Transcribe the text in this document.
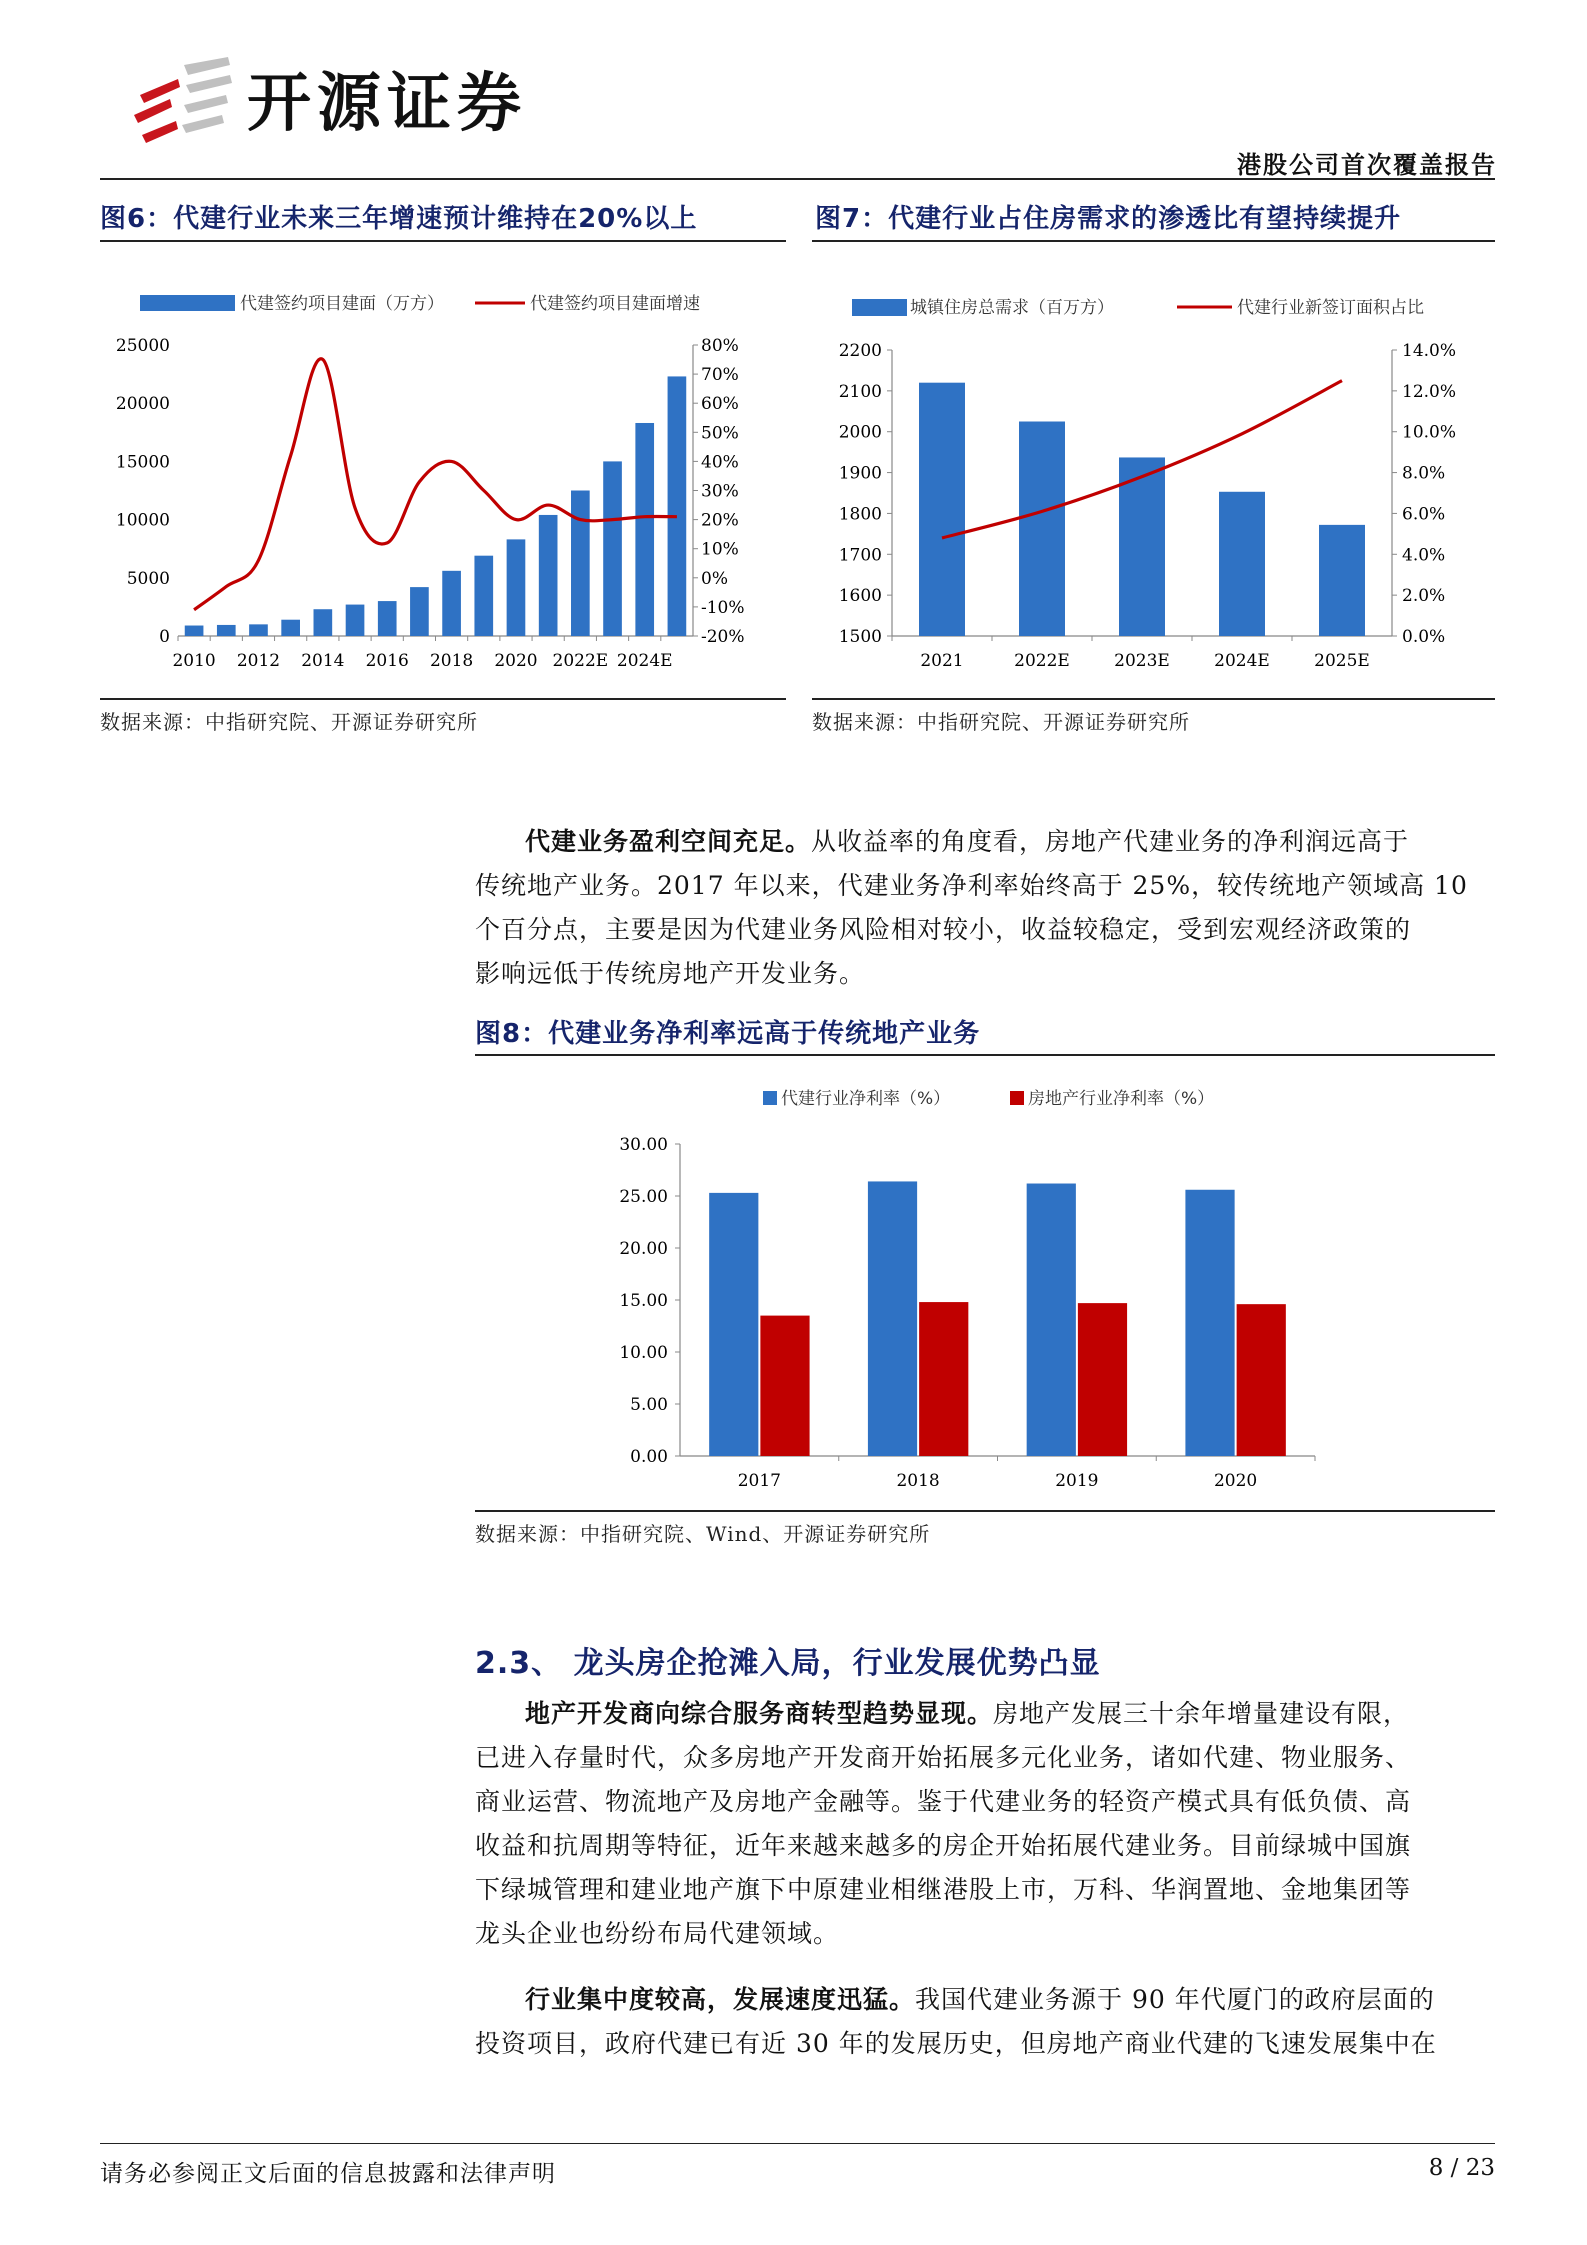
开源证券
港股公司首次覆盖报告
图6：代建行业未来三年增速预计维持在20%以上	图7：代建行业占住房需求的渗透比有望持续提升
代建签约项目建面（万方）	代建签约项目建面增速
0
5000
10000
15000
20000
25000
-20%
-10%
0%
10%
20%
30%
40%
50%
60%
70%
80%
2010 2012 2014 2016 2018 2020 2022E 2024E
城镇住房总需求（百万方）	代建行业新签订面积占比
1500
1600
1700
1800
1900
2000
2100
2200
0.0%
2.0%
4.0%
6.0%
8.0%
10.0%
12.0%
14.0%
2021	2022E	2023E	2024E	2025E
数据来源：中指研究院、开源证券研究所	数据来源：中指研究院、开源证券研究所
代建业务盈利空间充足。从收益率的角度看，房地产代建业务的净利润远高于
传统地产业务。2017 年以来，代建业务净利率始终高于 25%，较传统地产领域高 10
个百分点，主要是因为代建业务风险相对较小，收益较稳定，受到宏观经济政策的
影响远低于传统房地产开发业务。
图8：代建业务净利率远高于传统地产业务
代建行业净利率（%）	房地产行业净利率（%）
0.00
5.00
10.00
15.00
20.00
25.00
30.00
2017	2018	2019	2020
数据来源：中指研究院、Wind、开源证券研究所
2.3、 龙头房企抢滩入局，行业发展优势凸显
地产开发商向综合服务商转型趋势显现。房地产发展三十余年增量建设有限，
已进入存量时代，众多房地产开发商开始拓展多元化业务，诸如代建、物业服务、
商业运营、物流地产及房地产金融等。鉴于代建业务的轻资产模式具有低负债、高
收益和抗周期等特征，近年来越来越多的房企开始拓展代建业务。目前绿城中国旗
下绿城管理和建业地产旗下中原建业相继港股上市，万科、华润置地、金地集团等
龙头企业也纷纷布局代建领域。
行业集中度较高，发展速度迅猛。我国代建业务源于 90 年代厦门的政府层面的
投资项目，政府代建已有近 30 年的发展历史，但房地产商业代建的飞速发展集中在
请务必参阅正文后面的信息披露和法律声明	8 / 23
